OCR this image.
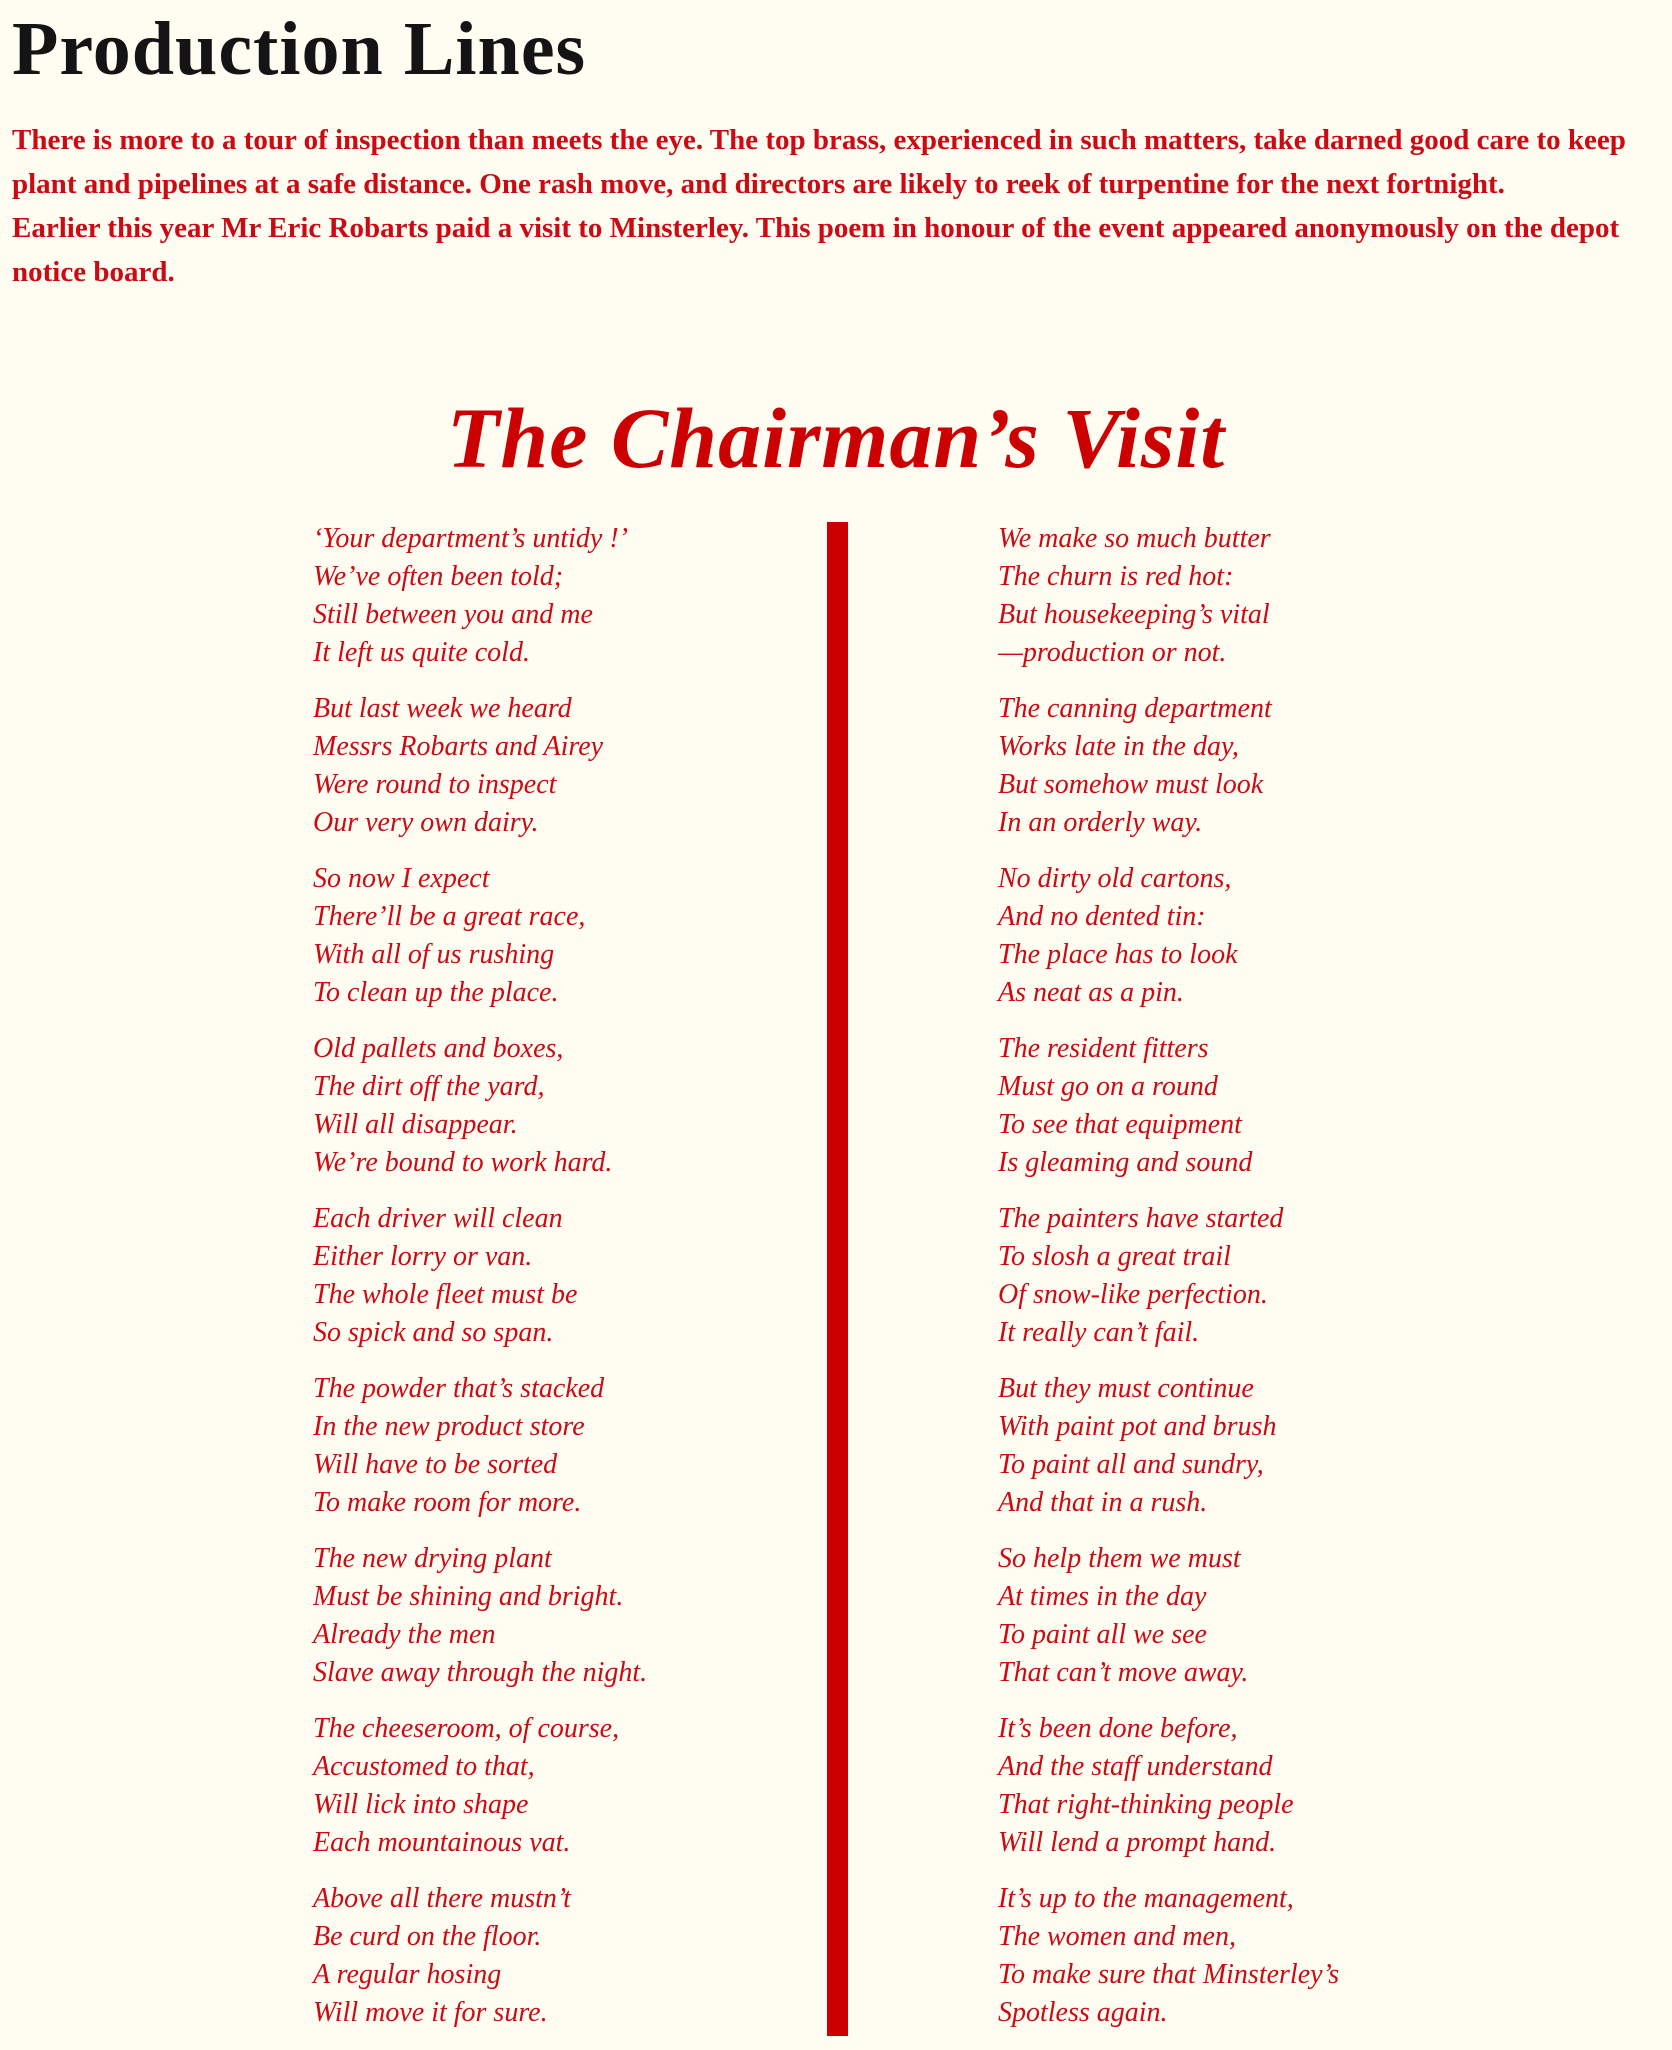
Production Lines

There is more to a tour of inspection than meets the eye. The top brass, experienced in such matters, take darned good care to keep plant and pipelines at a safe distance. One rash move, and directors are likely to reek of turpentine for the next fortnight.

Earlier this year Mr Eric Robarts paid a visit to Minsterley. This poem in honour of the event appeared anonymously on the depot notice board.

The Chairman’s Visit
‘Your department’s untidy !’
We’ve often been told;
Still between you and me
It left us quite cold.
But last week we heard
Messrs Robarts and Airey
Were round to inspect
Our very own dairy.
So now I expect
There’ll be a great race,
With all of us rushing
To clean up the place.
Old pallets and boxes,
The dirt off the yard,
Will all disappear.
We’re bound to work hard.
Each driver will clean
Either lorry or van.
The whole fleet must be
So spick and so span.
The powder that’s stacked
In the new product store
Will have to be sorted
To make room for more.
The new drying plant
Must be shining and bright.
Already the men
Slave away through the night.
The cheeseroom, of course,
Accustomed to that,
Will lick into shape
Each mountainous vat.
Above all there mustn’t
Be curd on the floor.
A regular hosing
Will move it for sure.
We make so much butter
The churn is red hot:
But housekeeping’s vital
—production or not.
The canning department
Works late in the day,
But somehow must look
In an orderly way.
No dirty old cartons,
And no dented tin:
The place has to look
As neat as a pin.
The resident fitters
Must go on a round
To see that equipment
Is gleaming and sound
The painters have started
To slosh a great trail
Of snow-like perfection.
It really can’t fail.
But they must continue
With paint pot and brush
To paint all and sundry,
And that in a rush.
So help them we must
At times in the day
To paint all we see
That can’t move away.
It’s been done before,
And the staff understand
That right-thinking people
Will lend a prompt hand.
It’s up to the management,
The women and men,
To make sure that Minsterley’s
Spotless again.
